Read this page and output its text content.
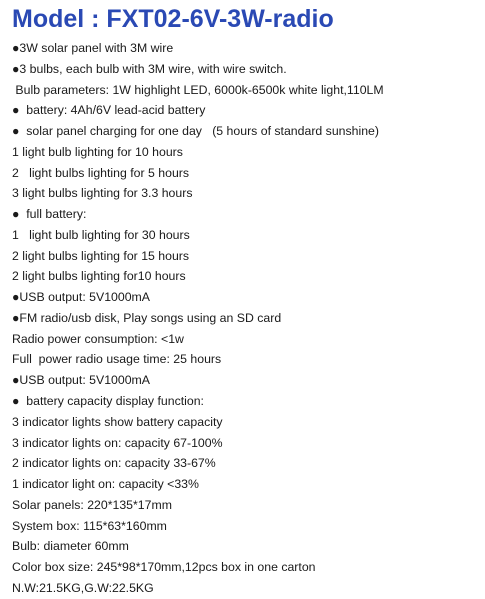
Model : FXT02-6V-3W-radio
●3W solar panel with 3M wire
●3 bulbs, each bulb with 3M wire, with wire switch.
Bulb parameters: 1W highlight LED, 6000k-6500k white light,110LM
●  battery: 4Ah/6V lead-acid battery
●  solar panel charging for one day   (5 hours of standard sunshine)
1 light bulb lighting for 10 hours
2   light bulbs lighting for 5 hours
3 light bulbs lighting for 3.3 hours
●  full battery:
1   light bulb lighting for 30 hours
2 light bulbs lighting for 15 hours
2 light bulbs lighting for10 hours
●USB output: 5V1000mA
●FM radio/usb disk, Play songs using an SD card
Radio power consumption: <1w
Full  power radio usage time: 25 hours
●USB output: 5V1000mA
●  battery capacity display function:
3 indicator lights show battery capacity
3 indicator lights on: capacity 67-100%
2 indicator lights on: capacity 33-67%
1 indicator light on: capacity <33%
Solar panels: 220*135*17mm
System box: 115*63*160mm
Bulb: diameter 60mm
Color box size: 245*98*170mm,12pcs box in one carton
N.W:21.5KG,G.W:22.5KG
